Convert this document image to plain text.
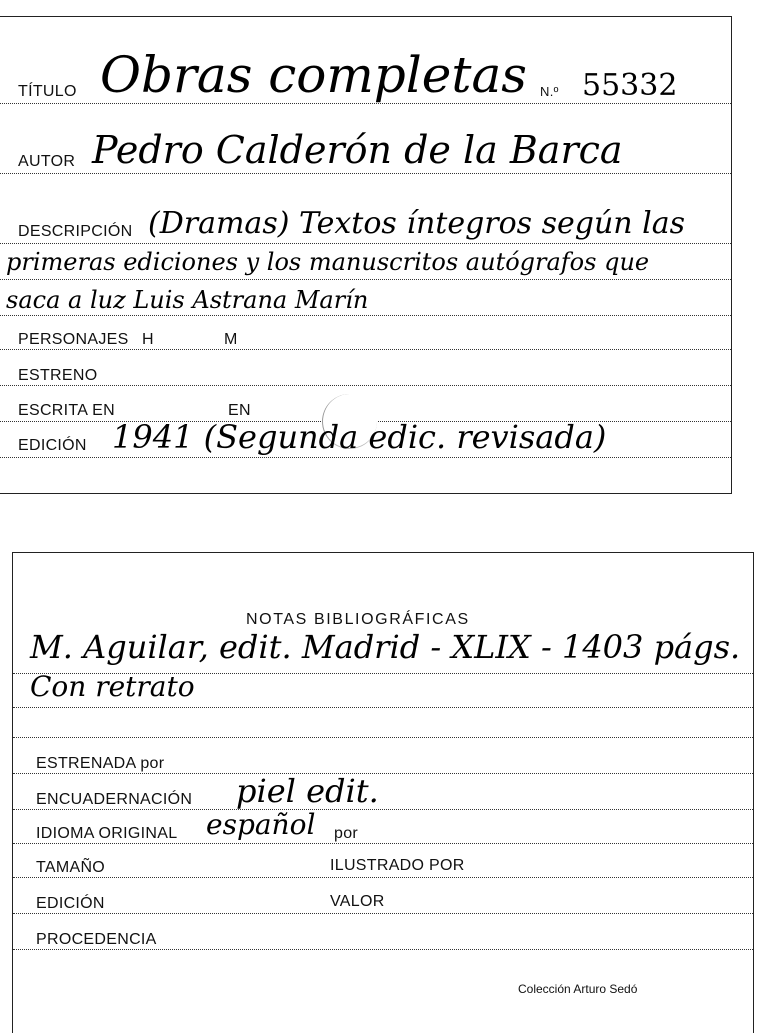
TÍTULO Obras completas N.º 55332
AUTOR Pedro Calderón de la Barca
DESCRIPCIÓN (Dramas) Textos íntegros según las
primeras ediciones y los manuscritos autógrafos que
saca a luz Luis Astrana Marín
PERSONAJES H	M
ESTRENO
ESCRITA EN	EN
EDICIÓN 1941 (Segunda edic. revisada)
NOTAS BIBLIOGRÁFICAS
M. Aguilar, edit. Madrid - XLIX - 1403 págs.
Con retrato
ESTRENADA por
ENCUADERNACIÓN piel edit.
IDIOMA ORIGINAL español por
TAMAÑO	ILUSTRADO POR
EDICIÓN	VALOR
PROCEDENCIA
Colección Arturo Sedó
